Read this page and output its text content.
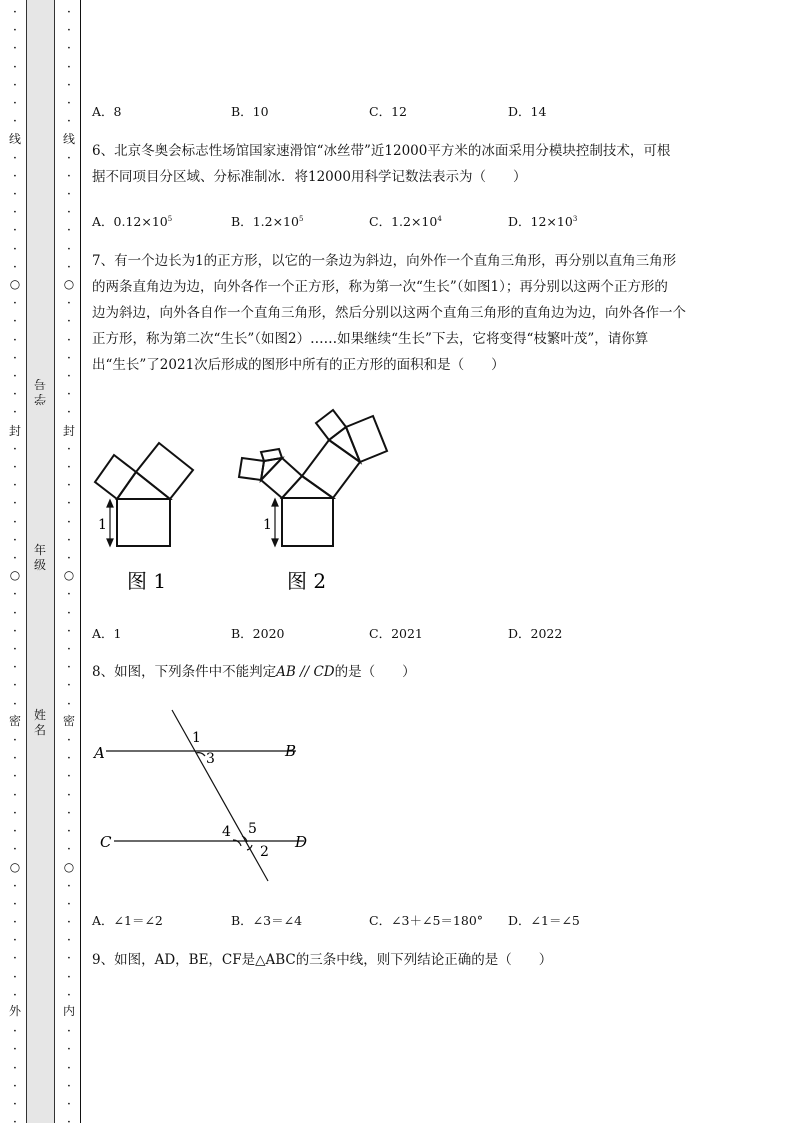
·
·
·
·
·
·
·
·
·
·
·
·
·
·
·
·
·
·
·
·
·
·
·
·
·
·
·
·
·
·
·
·
·
·
·
·
·
·
·
·
·
·
·
·
·
·
·
·
·
·
·
·
·
·
·
·
·
·
·
·
·
·
·
·
·
·
·
·
·
·
·
·
·
·
·
·
·
·
·
·
·
·
·
·
·
·
·
·
·
·
·
·
·
·
·
·
·
·
·
·
·
·
·
·
·
·
·
·
·
·
线
○
封
○
密
○
外
线
○
封
○
密
○
内
学号
年级
姓名
A．8	B．10	C．12	D．14
6、北京冬奥会标志性场馆国家速滑馆“冰丝带”近12000平方米的冰面采用分模块控制技术，可根
据不同项目分区域、分标准制冰．将12000用科学记数法表示为（　　）
A．$0.12\times 10^5$	B．$1.2\times 10^5$	C．$1.2\times 10^4$	D．$12\times 10^3$
7、有一个边长为1的正方形，以它的一条边为斜边，向外作一个直角三角形，再分别以直角三角形
的两条直角边为边，向外各作一个正方形，称为第一次“生长”（如图1）；再分别以这两个正方形的
边为斜边，向外各自作一个直角三角形，然后分别以这两个直角三角形的直角边为边，向外各作一个
正方形，称为第二次“生长”（如图2）……如果继续“生长”下去，它将变得“枝繁叶茂”，请你算
出“生长”了2021次后形成的图形中所有的正方形的面积和是（　　）
1
图 1
1
图 2
A．1	B．2020	C．2021	D．2022
8、如图，下列条件中不能判定AB // CD的是（　　）
A	B
C	D
1
3
4 5
2
A．∠1＝∠2	B．∠3＝∠4	C．∠3＋∠5＝180° D．∠1＝∠5
9、如图，AD，BE，CF是△ABC的三条中线，则下列结论正确的是（　　）
